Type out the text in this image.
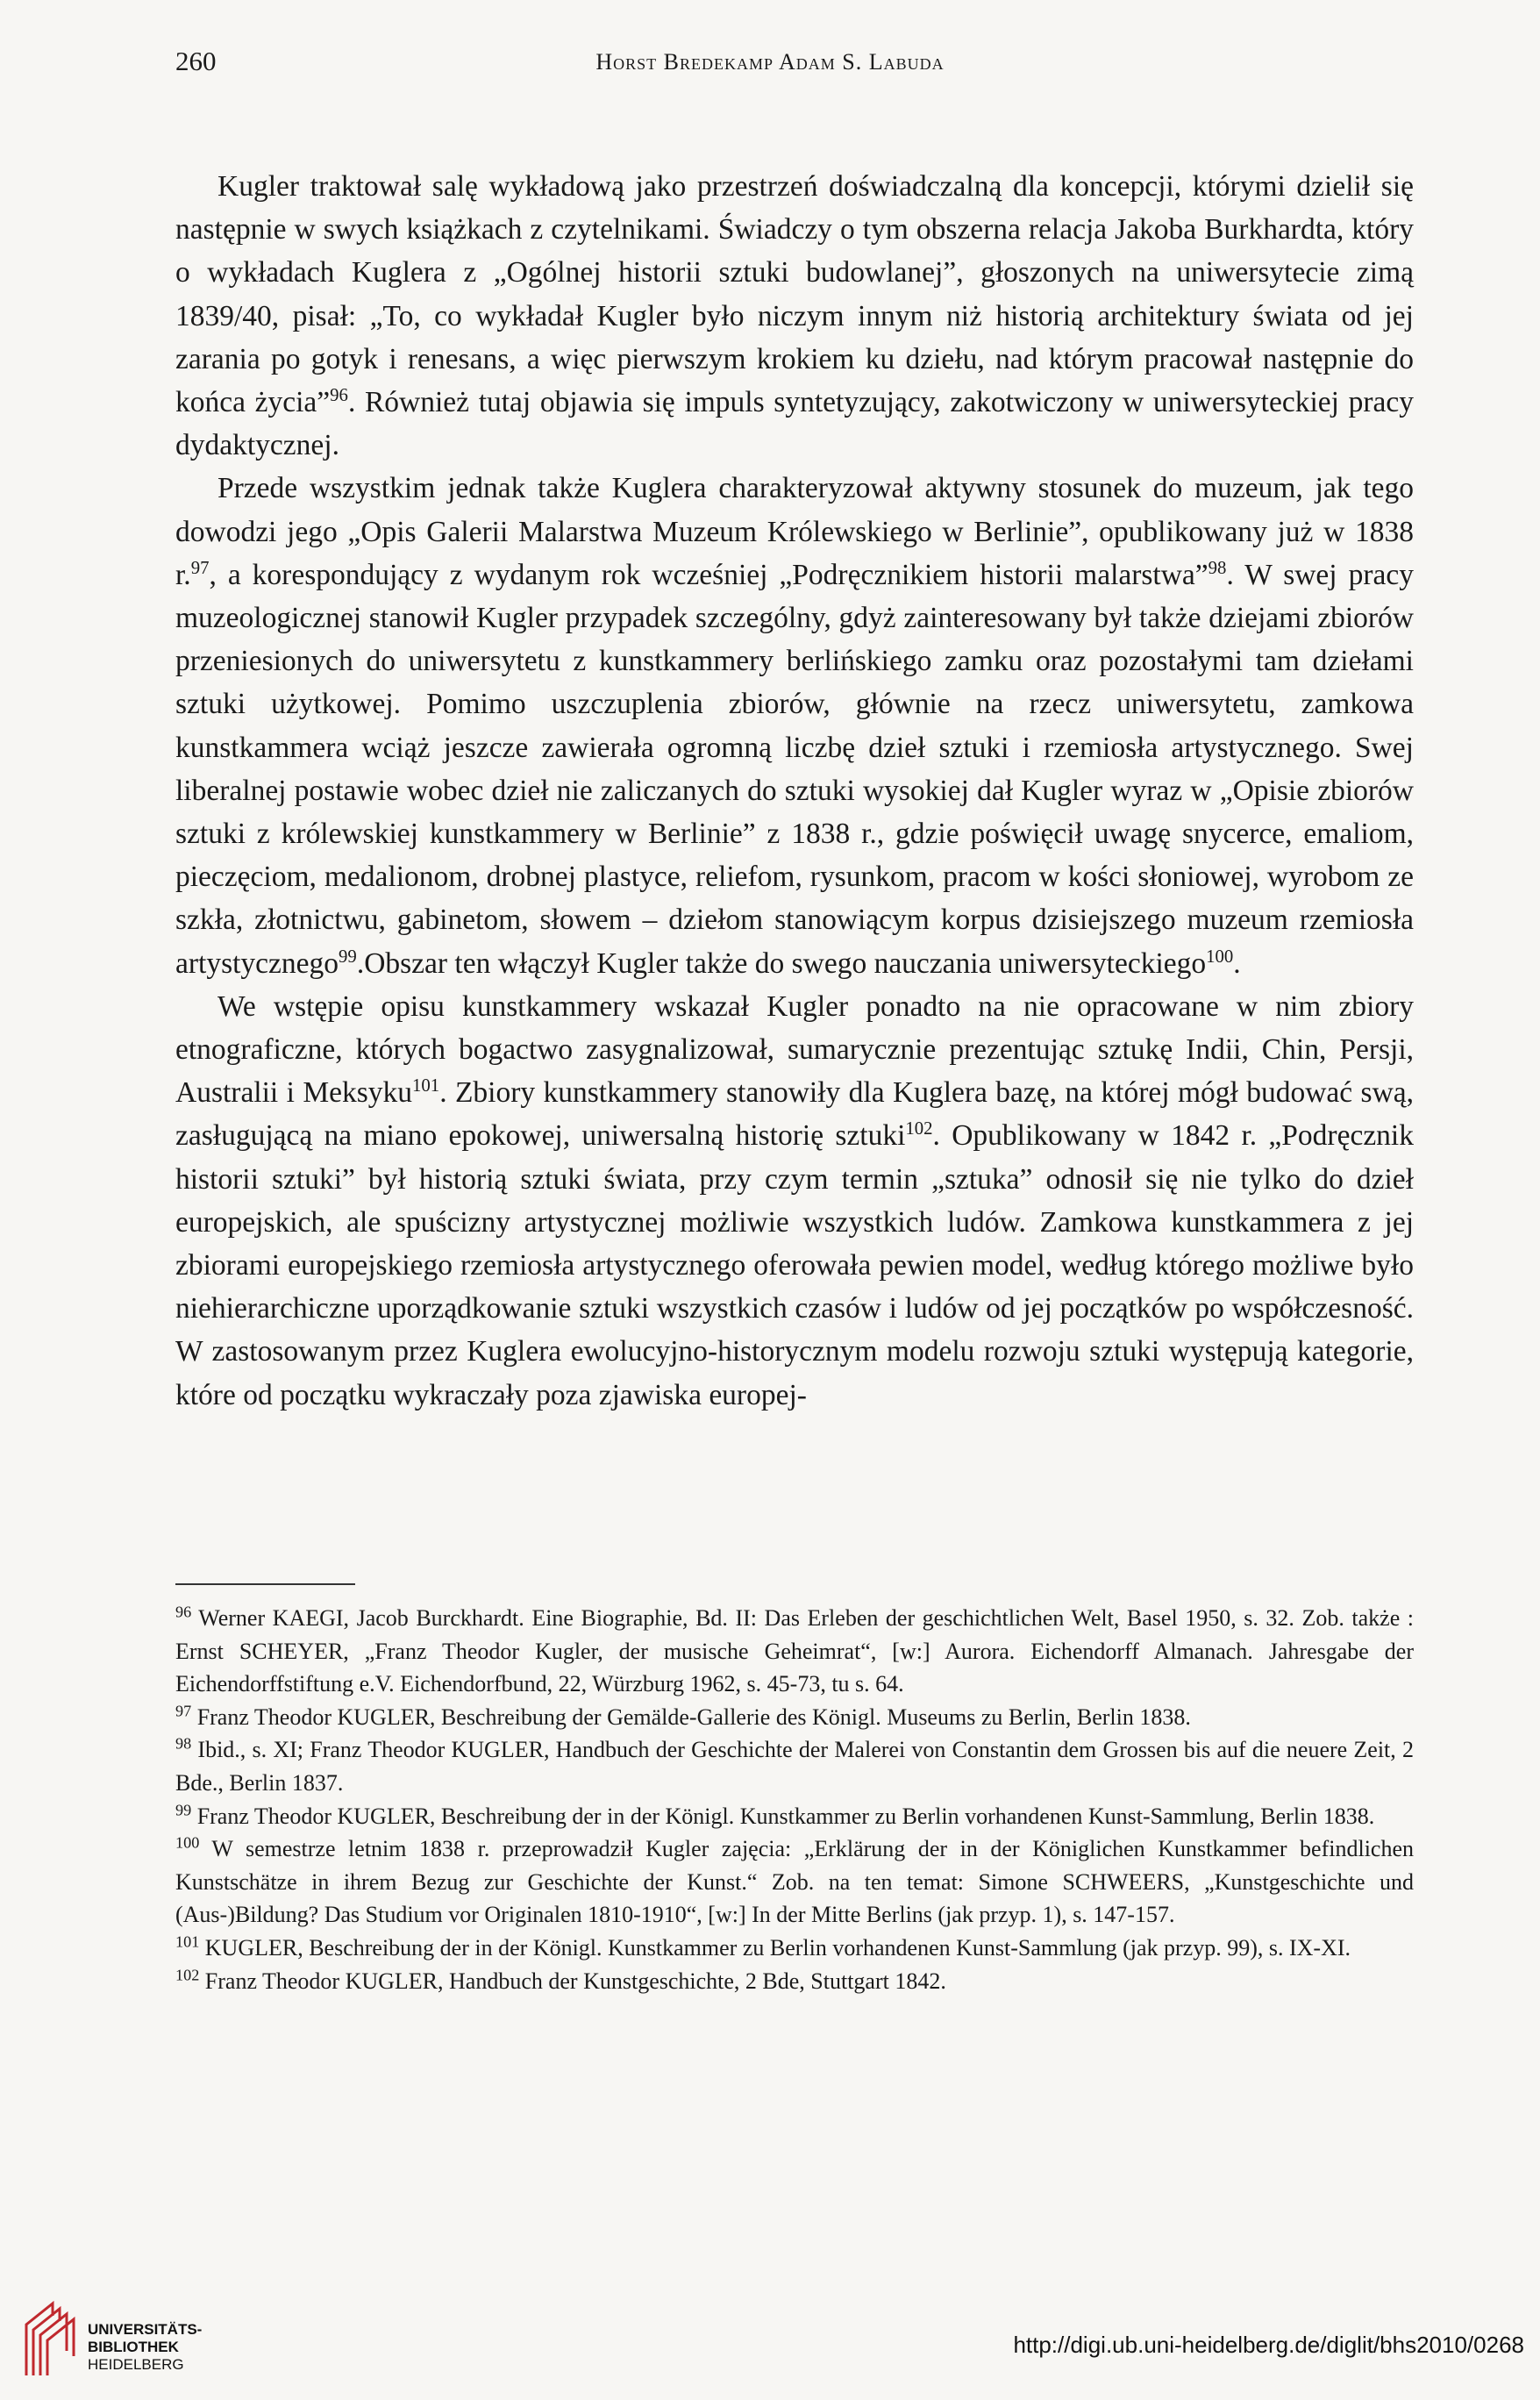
260	Horst Bredekamp Adam S. Labuda

Kugler traktował salę wykładową jako przestrzeń doświadczalną dla koncepcji, którymi dzielił się następnie w swych książkach z czytelnikami. Świadczy o tym obszerna relacja Jakoba Burkhardta, który o wykładach Kuglera z „Ogólnej historii sztuki budowlanej”, głoszonych na uniwersytecie zimą 1839/40, pisał: „To, co wykładał Kugler było niczym innym niż historią architektury świata od jej zarania po gotyk i renesans, a więc pierwszym krokiem ku dziełu, nad którym pracował następnie do końca życia”$^{96}$. Również tutaj objawia się impuls syntetyzujący, zakotwiczony w uniwersyteckiej pracy dydaktycznej.

Przede wszystkim jednak także Kuglera charakteryzował aktywny stosunek do muzeum, jak tego dowodzi jego „Opis Galerii Malarstwa Muzeum Królewskiego w Berlinie”, opublikowany już w 1838 r.$^{97}$, a korespondujący z wydanym rok wcześniej „Podręcznikiem historii malarstwa”$^{98}$. W swej pracy muzeologicznej stanowił Kugler przypadek szczególny, gdyż zainteresowany był także dziejami zbiorów przeniesionych do uniwersytetu z kunstkammery berlińskiego zamku oraz pozostałymi tam dziełami sztuki użytkowej. Pomimo uszczuplenia zbiorów, głównie na rzecz uniwersytetu, zamkowa kunstkammera wciąż jeszcze zawierała ogromną liczbę dzieł sztuki i rzemiosła artystycznego. Swej liberalnej postawie wobec dzieł nie zaliczanych do sztuki wysokiej dał Kugler wyraz w „Opisie zbiorów sztuki z królewskiej kunstkammery w Berlinie” z 1838 r., gdzie poświęcił uwagę snycerce, emaliom, pieczęciom, medalionom, drobnej plastyce, reliefom, rysunkom, pracom w kości słoniowej, wyrobom ze szkła, złotnictwu, gabinetom, słowem – dziełom stanowiącym korpus dzisiejszego muzeum rzemiosła artystycznego$^{99}$.Obszar ten włączył Kugler także do swego nauczania uniwersyteckiego$^{100}$.

We wstępie opisu kunstkammery wskazał Kugler ponadto na nie opracowane w nim zbiory etnograficzne, których bogactwo zasygnalizował, sumarycznie prezentując sztukę Indii, Chin, Persji, Australii i Meksyku$^{101}$. Zbiory kunstkammery stanowiły dla Kuglera bazę, na której mógł budować swą, zasługującą na miano epokowej, uniwersalną historię sztuki$^{102}$. Opublikowany w 1842 r. „Podręcznik historii sztuki” był historią sztuki świata, przy czym termin „sztuka” odnosił się nie tylko do dzieł europejskich, ale spuścizny artystycznej możliwie wszystkich ludów. Zamkowa kunstkammera z jej zbiorami europejskiego rzemiosła artystycznego oferowała pewien model, według którego możliwe było niehierarchiczne uporządkowanie sztuki wszystkich czasów i ludów od jej początków po współczesność. W zastosowanym przez Kuglera ewolucyjno-historycznym modelu rozwoju sztuki występują kategorie, które od początku wykraczały poza zjawiska europej-

$^{96}$ Werner KAEGI, Jacob Burckhardt. Eine Biographie, Bd. II: Das Erleben der geschichtlichen Welt, Basel 1950, s. 32. Zob. także : Ernst SCHEYER, „Franz Theodor Kugler, der musische Geheimrat“, [w:] Aurora. Eichendorff Almanach. Jahresgabe der Eichendorffstiftung e.V. Eichendorfbund, 22, Würzburg 1962, s. 45-73, tu s. 64.

$^{97}$ Franz Theodor KUGLER, Beschreibung der Gemälde-Gallerie des Königl. Museums zu Berlin, Berlin 1838.

$^{98}$ Ibid., s. XI; Franz Theodor KUGLER, Handbuch der Geschichte der Malerei von Constantin dem Grossen bis auf die neuere Zeit, 2 Bde., Berlin 1837.

$^{99}$ Franz Theodor KUGLER, Beschreibung der in der Königl. Kunstkammer zu Berlin vorhandenen Kunst-Sammlung, Berlin 1838.

$^{100}$ W semestrze letnim 1838 r. przeprowadził Kugler zajęcia: „Erklärung der in der Königlichen Kunstkammer befindlichen Kunstschätze in ihrem Bezug zur Geschichte der Kunst.“ Zob. na ten temat: Simone SCHWEERS, „Kunstgeschichte und (Aus-)Bildung? Das Studium vor Originalen 1810-1910“, [w:] In der Mitte Berlins (jak przyp. 1), s. 147-157.

$^{101}$ KUGLER, Beschreibung der in der Königl. Kunstkammer zu Berlin vorhandenen Kunst-Sammlung (jak przyp. 99), s. IX-XI.

$^{102}$ Franz Theodor KUGLER, Handbuch der Kunstgeschichte, 2 Bde, Stuttgart 1842.

UNIVERSITÄTS-
BIBLIOTHEK
HEIDELBERG
http://digi.ub.uni-heidelberg.de/diglit/bhs2010/0268
